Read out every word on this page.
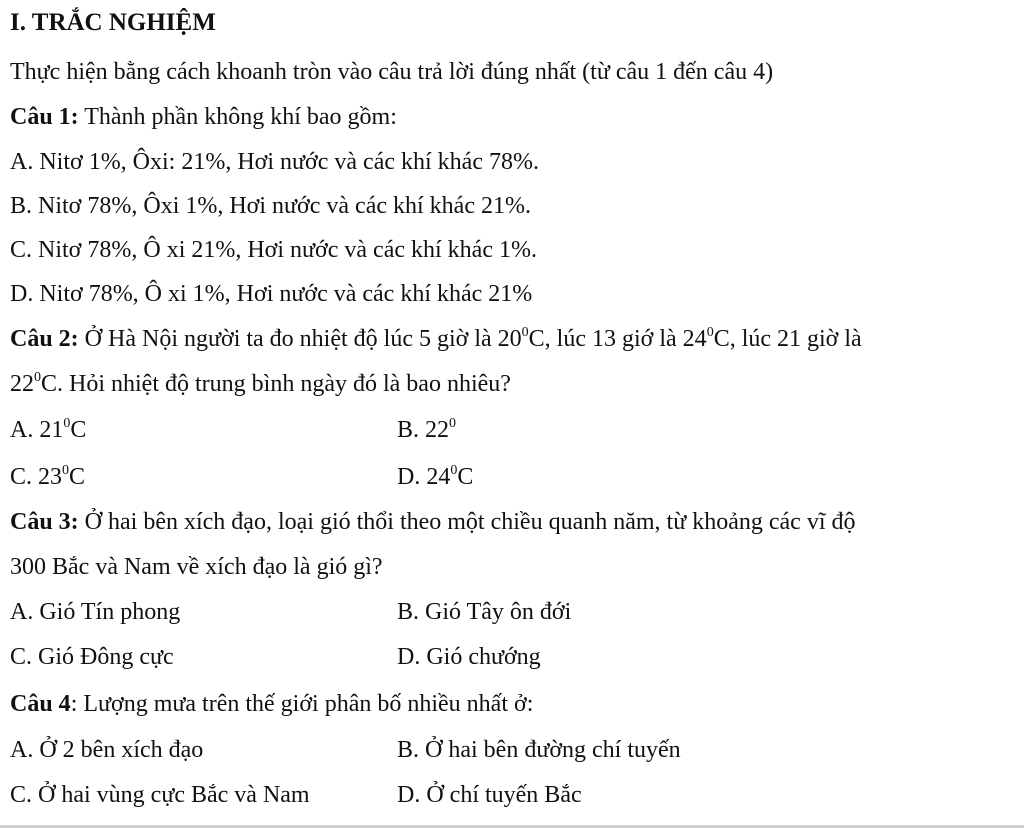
I. TRẮC NGHIỆM
Thực hiện bằng cách khoanh tròn vào câu trả lời đúng nhất (từ câu 1 đến câu 4)
Câu 1: Thành phần không khí bao gồm:
A. Nitơ 1%, Ôxi: 21%, Hơi nước và các khí khác 78%.
B. Nitơ 78%, Ôxi 1%, Hơi nước và các khí khác 21%.
C. Nitơ 78%, Ô xi 21%, Hơi nước và các khí khác 1%.
D. Nitơ 78%, Ô xi 1%, Hơi nước và các khí khác 21%
Câu 2: Ở Hà Nội người ta đo nhiệt độ lúc 5 giờ là $20^0C$, lúc 13 giớ là $24^0C$, lúc 21 giờ là
$22^0C$. Hỏi nhiệt độ trung bình ngày đó là bao nhiêu?
A. $21^0C$	B. $22^0$
C. $23^0C$	D. $24^0C$
Câu 3: Ở hai bên xích đạo, loại gió thổi theo một chiều quanh năm, từ khoảng các vĩ độ
300 Bắc và Nam về xích đạo là gió gì?
A. Gió Tín phong	B. Gió Tây ôn đới
C. Gió Đông cực	D. Gió chướng
Câu 4: Lượng mưa trên thế giới phân bố nhiều nhất ở:
A. Ở 2 bên xích đạo	B. Ở hai bên đường chí tuyến
C. Ở hai vùng cực Bắc và Nam	D. Ở chí tuyến Bắc
